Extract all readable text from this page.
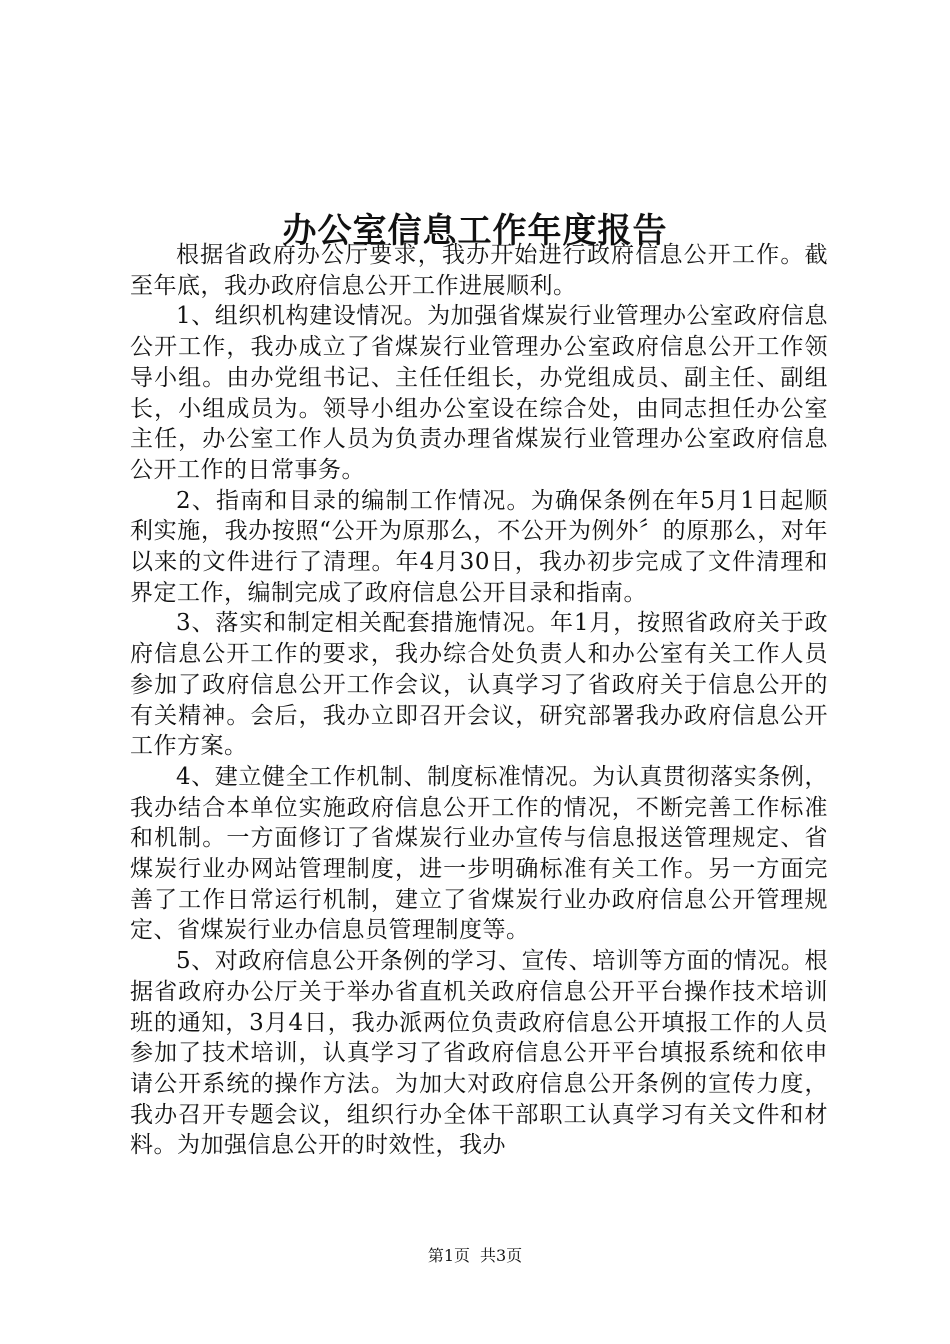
办公室信息工作年度报告

根据省政府办公厅要求，我办开始进行政府信息公开工作。截至年底，我办政府信息公开工作进展顺利。

1、组织机构建设情况。为加强省煤炭行业管理办公室政府信息公开工作，我办成立了省煤炭行业管理办公室政府信息公开工作领导小组。由办党组书记、主任任组长，办党组成员、副主任、副组长，小组成员为。领导小组办公室设在综合处，由同志担任办公室主任，办公室工作人员为负责办理省煤炭行业管理办公室政府信息公开工作的日常事务。

2、指南和目录的编制工作情况。为确保条例在年5月1日起顺利实施，我办按照“公开为原那么，不公开为例外〞的原那么，对年以来的文件进行了清理。年4月30日，我办初步完成了文件清理和界定工作，编制完成了政府信息公开目录和指南。

3、落实和制定相关配套措施情况。年1月，按照省政府关于政府信息公开工作的要求，我办综合处负责人和办公室有关工作人员参加了政府信息公开工作会议，认真学习了省政府关于信息公开的有关精神。会后，我办立即召开会议，研究部署我办政府信息公开工作方案。

4、建立健全工作机制、制度标准情况。为认真贯彻落实条例，我办结合本单位实施政府信息公开工作的情况，不断完善工作标准和机制。一方面修订了省煤炭行业办宣传与信息报送管理规定、省煤炭行业办网站管理制度，进一步明确标准有关工作。另一方面完善了工作日常运行机制，建立了省煤炭行业办政府信息公开管理规定、省煤炭行业办信息员管理制度等。

5、对政府信息公开条例的学习、宣传、培训等方面的情况。根据省政府办公厅关于举办省直机关政府信息公开平台操作技术培训班的通知，3月4日，我办派两位负责政府信息公开填报工作的人员参加了技术培训，认真学习了省政府信息公开平台填报系统和依申请公开系统的操作方法。为加大对政府信息公开条例的宣传力度，我办召开专题会议，组织行办全体干部职工认真学习有关文件和材料。为加强信息公开的时效性，我办

第1页 共3页
